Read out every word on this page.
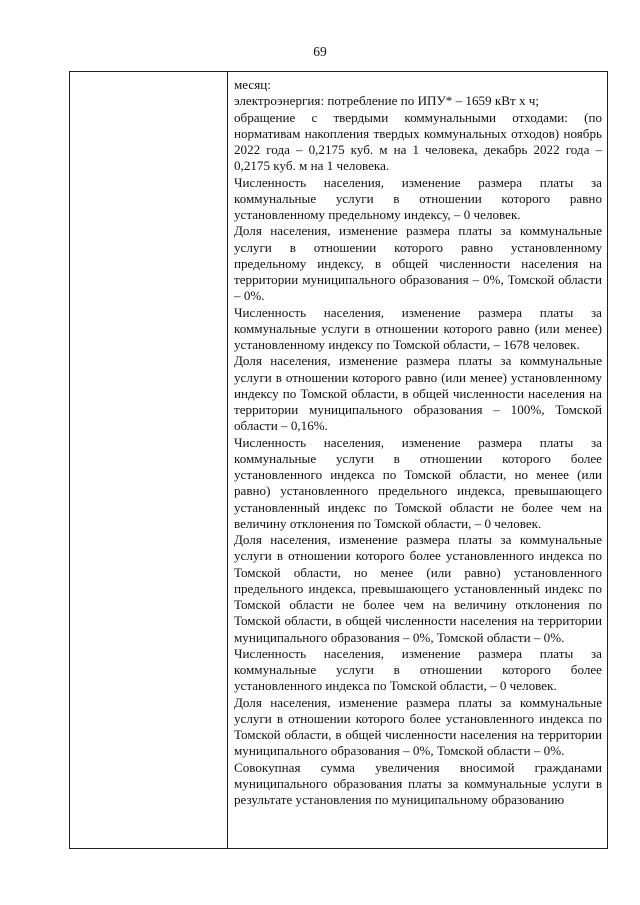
69

месяц:

электроэнергия: потребление по ИПУ* – 1659 кВт х ч;

обращение с твердыми коммунальными отходами: (по нормативам накопления твердых коммунальных отходов) ноябрь 2022 года – 0,2175 куб. м на 1 человека, декабрь 2022 года – 0,2175 куб. м на 1 человека.

Численность населения, изменение размера платы за коммунальные услуги в отношении которого равно установленному предельному индексу, – 0 человек.

Доля населения, изменение размера платы за коммунальные услуги в отношении которого равно установленному предельному индексу, в общей численности населения на территории муниципального образования – 0%, Томской области – 0%.

Численность населения, изменение размера платы за коммунальные услуги в отношении которого равно (или менее) установленному индексу по Томской области, – 1678 человек.

Доля населения, изменение размера платы за коммунальные услуги в отношении которого равно (или менее) установленному индексу по Томской области, в общей численности населения на территории муниципального образования – 100%, Томской области – 0,16%.

Численность населения, изменение размера платы за коммунальные услуги в отношении которого более установленного индекса по Томской области, но менее (или равно) установленного предельного индекса, превышающего установленный индекс по Томской области не более чем на величину отклонения по Томской области, – 0 человек.

Доля населения, изменение размера платы за коммунальные услуги в отношении которого более установленного индекса по Томской области, но менее (или равно) установленного предельного индекса, превышающего установленный индекс по Томской области не более чем на величину отклонения по Томской области, в общей численности населения на территории муниципального образования – 0%, Томской области – 0%.

Численность населения, изменение размера платы за коммунальные услуги в отношении которого более установленного индекса по Томской области, – 0 человек.

Доля населения, изменение размера платы за коммунальные услуги в отношении которого более установленного индекса по Томской области, в общей численности населения на территории муниципального образования – 0%, Томской области – 0%.

Совокупная сумма увеличения вносимой гражданами муниципального образования платы за коммунальные услуги в результате установления по муниципальному образованию
